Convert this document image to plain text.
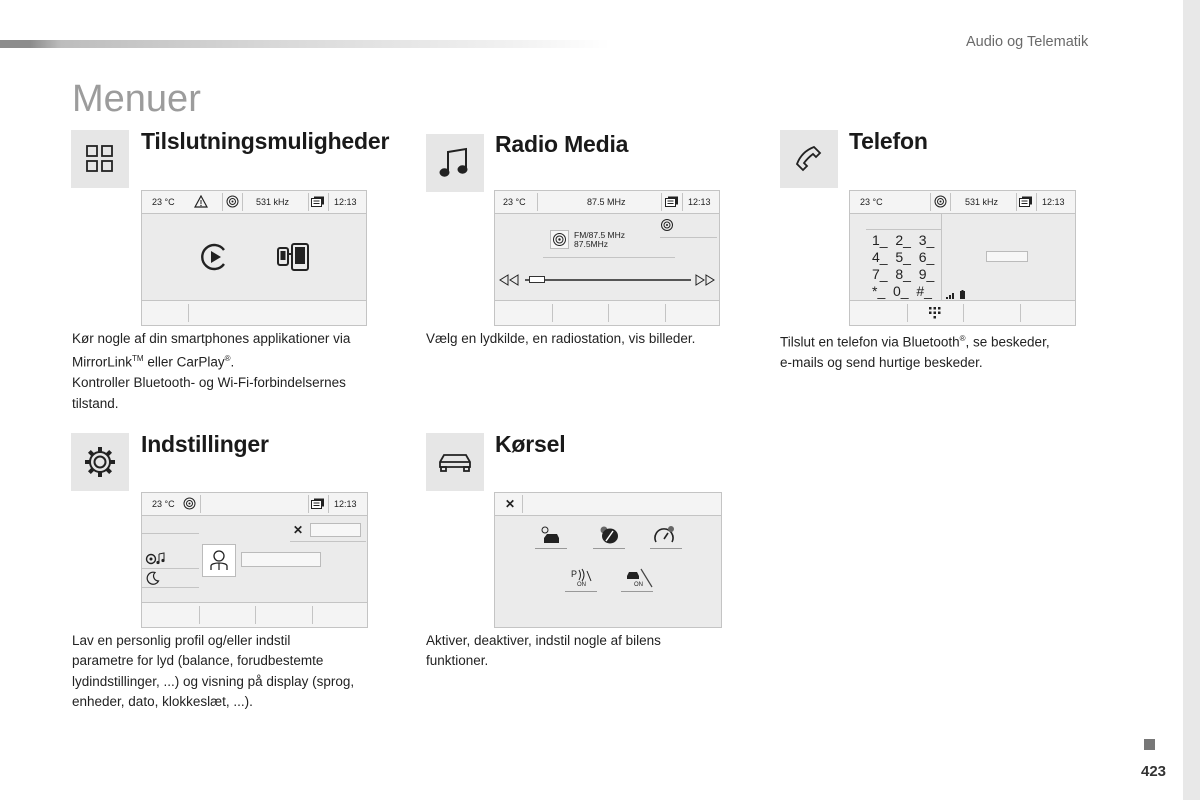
Audio og Telematik
Menuer
Tilslutningsmuligheder
23 °C	531 kHz	12:13
Kør nogle af din smartphones applikationer via
MirrorLink™ eller CarPlay®.
Kontroller Bluetooth- og Wi-Fi-forbindelsernes
tilstand.
Radio Media
23 °C	87.5 MHz	12:13
FM/87.5 MHz
87.5MHz
Vælg en lydkilde, en radiostation, vis billeder.
Telefon
23 °C	531 kHz	12:13
1_  2_  3_
4_  5_  6_
7_  8_  9_
*_  0_  #_
Tilslut en telefon via Bluetooth®, se beskeder,
e-mails og send hurtige beskeder.
Indstillinger
23 °C	12:13
✕
Lav en personlig profil og/eller indstil
parametre for lyd (balance, forudbestemte
lydindstillinger, ...) og visning på display (sprog,
enheder, dato, klokkeslæt, ...).
Kørsel
✕
P
ON	ON
Aktiver, deaktiver, indstil nogle af bilens
funktioner.
423
